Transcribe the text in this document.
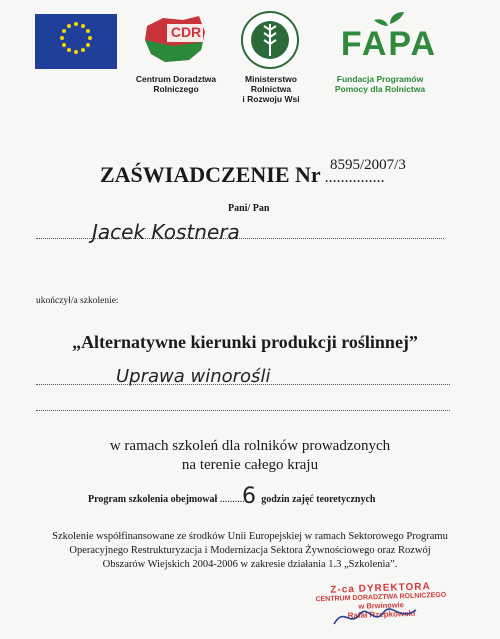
CDR
Centrum Doradztwa
Rolniczego
Ministerstwo
Rolnictwa
i Rozwoju Wsi
FAPA
Fundacja Programów
Pomocy dla Rolnictwa
ZAŚWIADCZENIE Nr ...............
8595/2007/3
Pani/ Pan
Jacek Kostnera
ukończył/a szkolenie:
„Alternatywne kierunki produkcji roślinnej”
Uprawa winorośli
w ramach szkoleń dla rolników prowadzonych
na terenie całego kraju
Program szkolenia obejmował .......... godzin zajęć teoretycznych
6
Szkolenie współfinansowane ze środków Unii Europejskiej w ramach Sektorowego Programu
Operacyjnego Restrukturyzacja i Modernizacja Sektora Żywnościowego oraz Rozwój
Obszarów Wiejskich 2004-2006 w zakresie działania 1.3 „Szkolenia”.
Z-ca DYREKTORA
CENTRUM DORADZTWA ROLNICZEGO
w Brwinowie
Rafał Rzepkowski
